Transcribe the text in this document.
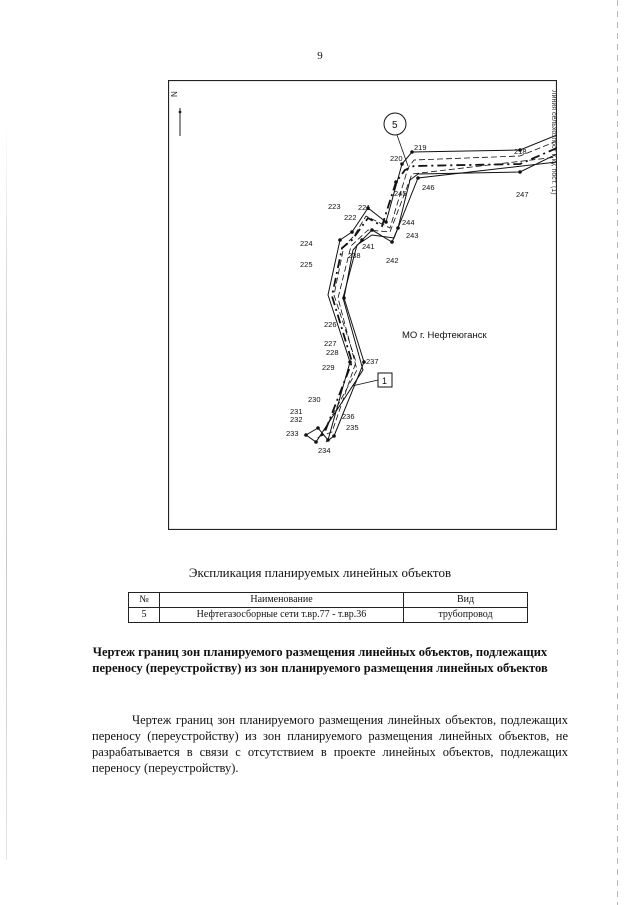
9
N
5
1
МО г. Нефтеюганск
Линия сельхозпост к ку, пост. (1)
218
219
220
221
222
223
224
225
226
227
228
229
230
231
232
233
234
235
236
237
238
241
242
243
244
245
246
247
Экспликация планируемых линейных объектов
№	Наименование	Вид
5	Нефтегазосборные сети т.вр.77 - т.вр.36	трубопровод
Чертеж границ зон планируемого размещения линейных объектов, подлежащих переносу (переустройству) из зон планируемого размещения линейных объектов
Чертеж границ зон планируемого размещения линейных объектов, подлежащих переносу (переустройству) из зон планируемого размещения линейных объектов, не разрабатывается в связи с отсутствием в проекте линейных объектов, подлежащих переносу (переустройству).
